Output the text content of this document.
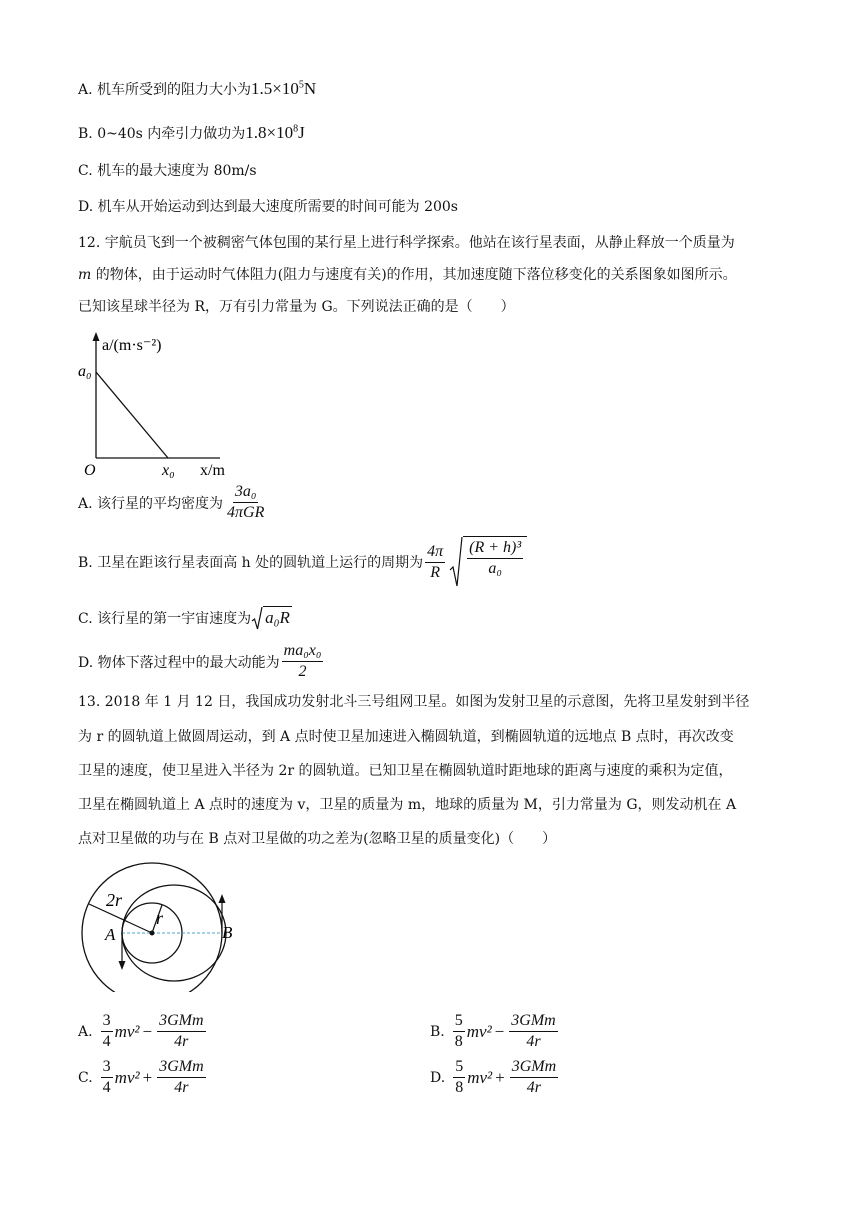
A. 机车所受到的阻力大小为$1.5\times 10^5N$
B. 0~40s 内牵引力做功为$1.8\times 10^8J$
C. 机车的最大速度为 80m/s
D. 机车从开始运动到达到最大速度所需要的时间可能为 200s
12. 宇航员飞到一个被稠密气体包围的某行星上进行科学探索。他站在该行星表面，从静止释放一个质量为
m 的物体，由于运动时气体阻力(阻力与速度有关)的作用，其加速度随下落位移变化的关系图象如图所示。
已知该星球半径为 R，万有引力常量为 G。下列说法正确的是（　　）
a/(m·s⁻²)
a₀
O	x₀ x/m
A. 该行星的平均密度为 $\frac{\text{3a₀}}{\text{4πGR}}$
B. 卫星在距该行星表面高 h 处的圆轨道上运行的周期为 $\frac{4\pi}{R} \frac{\text{(R + h)³}}{\text{a₀}}$
C. 该行星的第一宇宙速度为 a₀R
D. 物体下落过程中的最大动能为 $\frac{\text{ma₀x₀}}{2}$
13. 2018 年 1 月 12 日，我国成功发射北斗三号组网卫星。如图为发射卫星的示意图，先将卫星发射到半径
为 r 的圆轨道上做圆周运动，到 A 点时使卫星加速进入椭圆轨道，到椭圆轨道的远地点 B 点时，再次改变
卫星的速度，使卫星进入半径为 2r 的圆轨道。已知卫星在椭圆轨道时距地球的距离与速度的乘积为定值，
卫星在椭圆轨道上 A 点时的速度为 v，卫星的质量为 m，地球的质量为 M，引力常量为 G，则发动机在 A
点对卫星做的功与在 B 点对卫星做的功之差为(忽略卫星的质量变化)（　　）
2r
r
A	B
A. $\frac{3}{4} mv^2 - \frac{\text{3GMm}}{4r}$	B. $\frac{5}{8} mv^2 - \frac{\text{3GMm}}{4r}$
C. $\frac{3}{4} mv^2 + \frac{\text{3GMm}}{4r}$	D. $\frac{5}{8} mv^2 + \frac{\text{3GMm}}{4r}$
